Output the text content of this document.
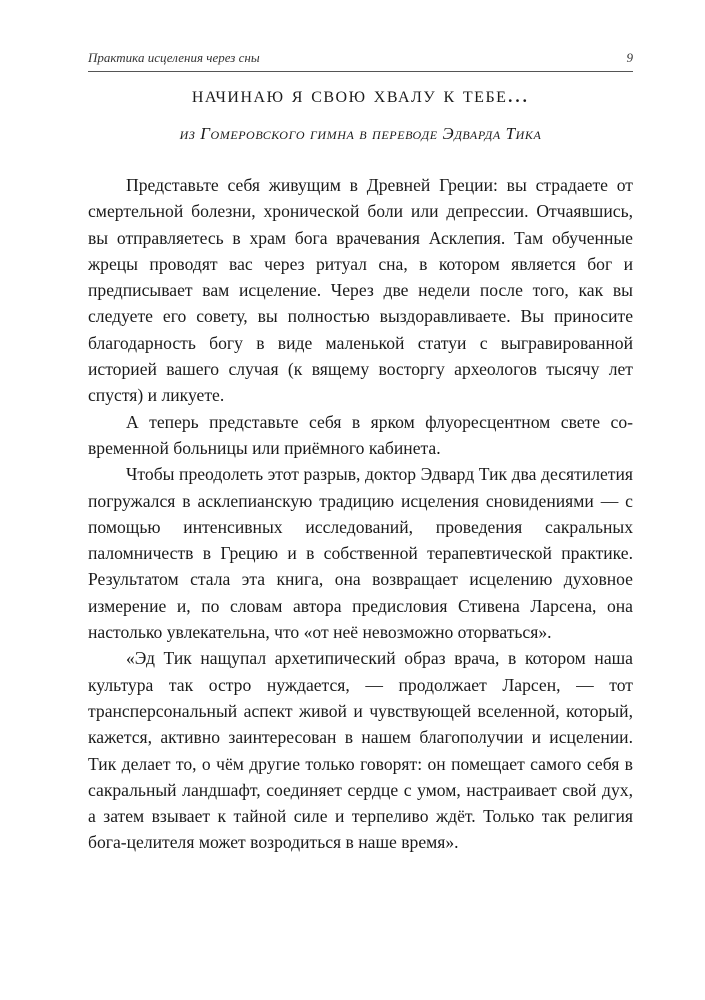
Практика исцеления через сны	9
начинаю я свою хвалу к тебе...
из Гомеровского гимна в переводе Эдварда Тика

Представьте себя живущим в Древней Греции: вы страдаете от смертельной болезни, хронической боли или депрессии. Отчаявшись, вы отправляетесь в храм бога врачевания Асклепия. Там обученные жрецы проводят вас через ритуал сна, в котором является бог и предписывает вам исцеление. Через две недели после того, как вы следуете его совету, вы полностью выздоравливаете. Вы приносите благодарность богу в виде маленькой статуи с выгравированной историей вашего случая (к вящему восторгу археологов тысячу лет спустя) и ликуете.

А теперь представьте себя в ярком флуоресцентном свете современной больницы или приёмного кабинета.

Чтобы преодолеть этот разрыв, доктор Эдвард Тик два десятилетия погружался в асклепианскую традицию исцеления сновидениями — с помощью интенсивных исследований, проведения сакральных паломничеств в Грецию и в собственной терапевтической практике. Результатом стала эта книга, она возвращает исцелению духовное измерение и, по словам автора предисловия Стивена Ларсена, она настолько увлекательна, что «от неё невозможно оторваться».

«Эд Тик нащупал архетипический образ врача, в котором наша культура так остро нуждается, — продолжает Ларсен, — тот трансперсональный аспект живой и чувствующей вселенной, который, кажется, активно заинтересован в нашем благополучии и исцелении. Тик делает то, о чём другие только говорят: он помещает самого себя в сакральный ландшафт, соединяет сердце с умом, настраивает свой дух, а затем взывает к тайной силе и терпеливо ждёт. Только так религия бога-целителя может возродиться в наше время».
